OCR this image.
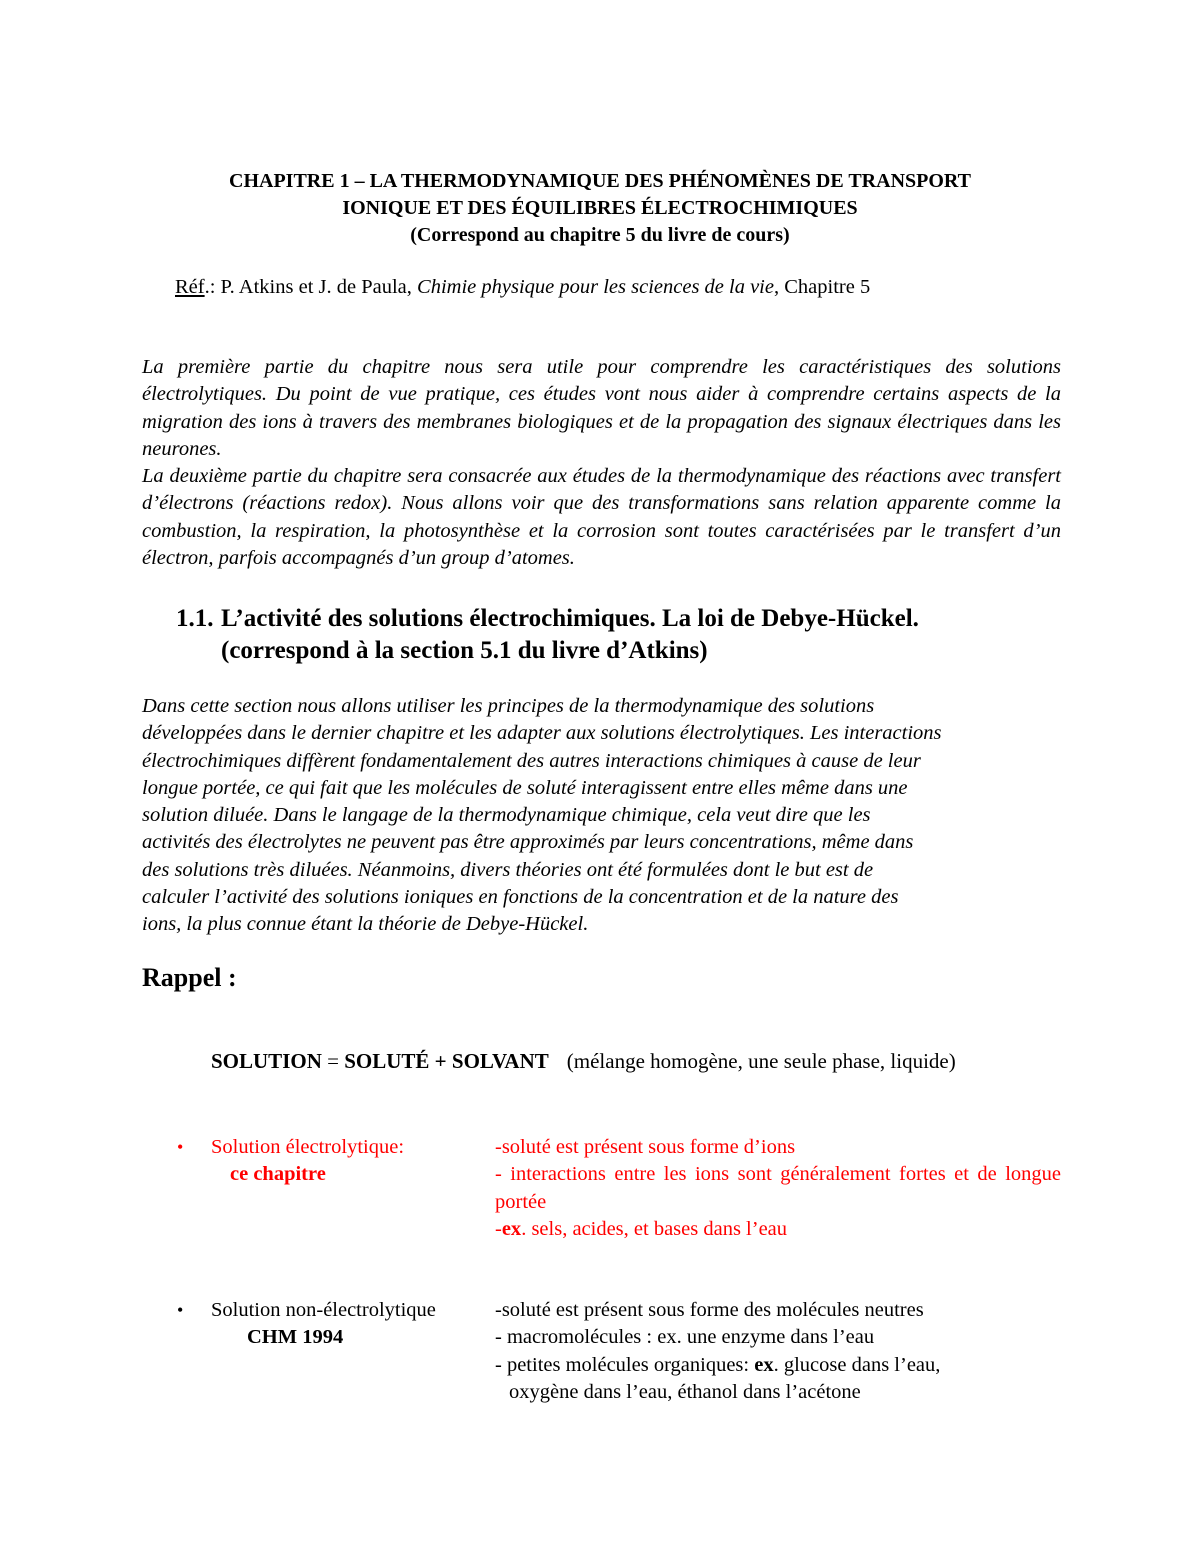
CHAPITRE 1 – LA THERMODYNAMIQUE DES PHÉNOMÈNES DE TRANSPORT
IONIQUE ET DES ÉQUILIBRES ÉLECTROCHIMIQUES
(Correspond au chapitre 5 du livre de cours)
Réf.: P. Atkins et J. de Paula, Chimie physique pour les sciences de la vie, Chapitre 5

La première partie du chapitre nous sera utile pour comprendre les caractéristiques des solutions électrolytiques. Du point de vue pratique, ces études vont nous aider à comprendre certains aspects de la migration des ions à travers des membranes biologiques et de la propagation des signaux électriques dans les neurones.

La deuxième partie du chapitre sera consacrée aux études de la thermodynamique des réactions avec transfert d’électrons (réactions redox). Nous allons voir que des transformations sans relation apparente comme la combustion, la respiration, la photosynthèse et la corrosion sont toutes caractérisées par le transfert d’un électron, parfois accompagnés d’un group d’atomes.

1.1. L’activité des solutions électrochimiques. La loi de Debye-Hückel.
(correspond à la section 5.1 du livre d’Atkins)
Dans cette section nous allons utiliser les principes de la thermodynamique des solutions
développées dans le dernier chapitre et les adapter aux solutions électrolytiques. Les interactions
électrochimiques diffèrent fondamentalement des autres interactions chimiques à cause de leur
longue portée, ce qui fait que les molécules de soluté interagissent entre elles même dans une
solution diluée. Dans le langage de la thermodynamique chimique, cela veut dire que les
activités des électrolytes ne peuvent pas être approximés par leurs concentrations, même dans
des solutions très diluées. Néanmoins, divers théories ont été formulées dont le but est de
calculer l’activité des solutions ioniques en fonctions de la concentration et de la nature des
ions, la plus connue étant la théorie de Debye-Hückel.
Rappel :
SOLUTION = SOLUTÉ + SOLVANT (mélange homogène, une seule phase, liquide)
• Solution électrolytique:
ce chapitre
-soluté est présent sous forme d’ions
- interactions entre les ions sont généralement fortes et de longue portée
-ex. sels, acides, et bases dans l’eau
• Solution non-électrolytique
CHM 1994
-soluté est présent sous forme des molécules neutres
- macromolécules : ex. une enzyme dans l’eau
- petites molécules organiques: ex. glucose dans l’eau,
oxygène dans l’eau, éthanol dans l’acétone
